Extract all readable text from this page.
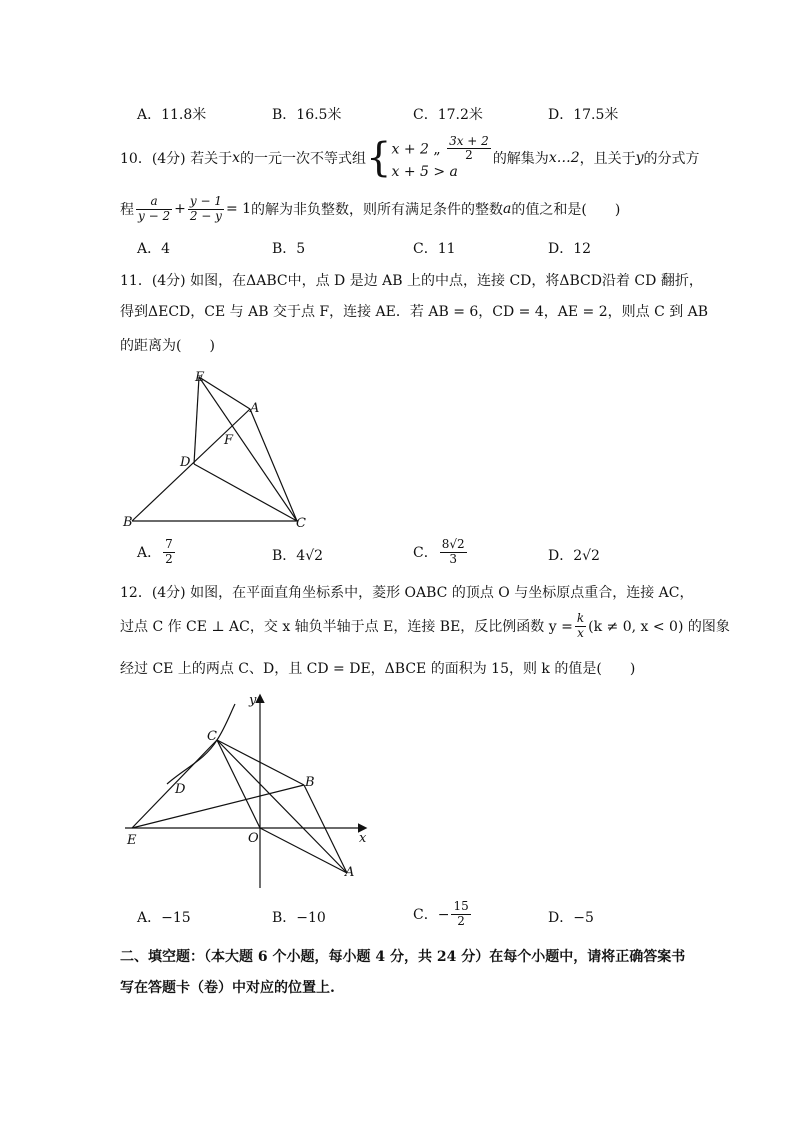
A．11.8米	B．16.5米	C．17.2米	D．17.5米
10．(4分) 若关于 x 的一元一次不等式组 { x + 2 „ $\frac{3x + 2}{2}$
x + 5 > a
的解集为 x…2 ，且关于 y 的分式方
程 $\frac{a}{y - 2} + \frac{y - 1}{2 - y} = 1$ 的解为非负整数，则所有满足条件的整数 a 的值之和是(　　)
A．4	B．5	C．11	D．12
11．(4分) 如图，在ΔABC中，点 D 是边 AB 上的中点，连接 CD，将ΔBCD沿着 CD 翻折，
得到ΔECD，CE 与 AB 交于点 F，连接 AE．若 AB = 6，CD = 4，AE = 2，则点 C 到 AB
的距离为(　　)
E
A
F
D
B	C
A． $\frac{7}{2}$	B．4√2	C． $\frac{8√2}{3}$	D．2√2
12．(4分) 如图，在平面直角坐标系中，菱形 OABC 的顶点 O 与坐标原点重合，连接 AC，
过点 C 作 CE ⊥ AC，交 x 轴负半轴于点 E，连接 BE，反比例函数 $y = \frac{k}{x} (k \ne 0$, x < 0) 的图象
经过 CE 上的两点 C、D，且 CD = DE，ΔBCE 的面积为 15，则 k 的值是(　　)
y
x
C
D	B
E	O
A
A．−15	B．−10	C．− $\frac{15}{2}$	D．−5
二、填空题：（本大题 6 个小题，每小题 4 分，共 24 分）在每个小题中，请将正确答案书
写在答题卡（卷）中对应的位置上.
